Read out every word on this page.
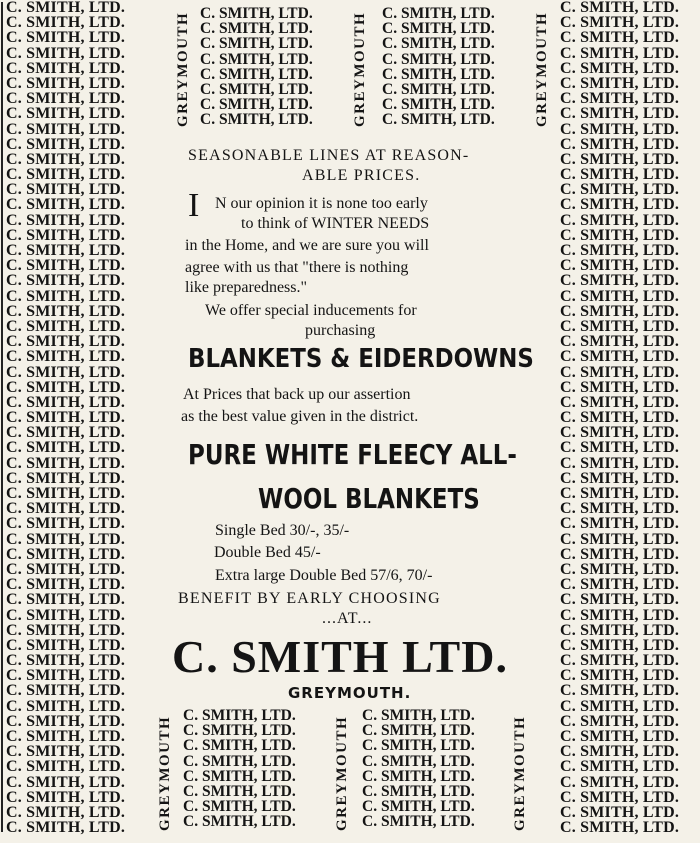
C. SMITH, LTD.
C. SMITH, LTD.
C. SMITH, LTD.
C. SMITH, LTD.
C. SMITH, LTD.
C. SMITH, LTD.
C. SMITH, LTD.
C. SMITH, LTD.
C. SMITH, LTD.
C. SMITH, LTD.
C. SMITH, LTD.
C. SMITH, LTD.
C. SMITH, LTD.
C. SMITH, LTD.
C. SMITH, LTD.
C. SMITH, LTD.
C. SMITH, LTD.
C. SMITH, LTD.
C. SMITH, LTD.
C. SMITH, LTD.
C. SMITH, LTD.
C. SMITH, LTD.
C. SMITH, LTD.
C. SMITH, LTD.
C. SMITH, LTD.
C. SMITH, LTD.
C. SMITH, LTD.
C. SMITH, LTD.
C. SMITH, LTD.
C. SMITH, LTD.
C. SMITH, LTD.
C. SMITH, LTD.
C. SMITH, LTD.
C. SMITH, LTD.
C. SMITH, LTD.
C. SMITH, LTD.
C. SMITH, LTD.
C. SMITH, LTD.
C. SMITH, LTD.
C. SMITH, LTD.
C. SMITH, LTD.
C. SMITH, LTD.
C. SMITH, LTD.
C. SMITH, LTD.
C. SMITH, LTD.
C. SMITH, LTD.
C. SMITH, LTD.
C. SMITH, LTD.
C. SMITH, LTD.
C. SMITH, LTD.
C. SMITH, LTD.
C. SMITH, LTD.
C. SMITH, LTD.
C. SMITH, LTD.
C. SMITH, LTD.
C. SMITH, LTD.
C. SMITH, LTD.
C. SMITH, LTD.
C. SMITH, LTD.
C. SMITH, LTD.
C. SMITH, LTD.
C. SMITH, LTD.
C. SMITH, LTD.
C. SMITH, LTD.
C. SMITH, LTD.
C. SMITH, LTD.
C. SMITH, LTD.
C. SMITH, LTD.
C. SMITH, LTD.
C. SMITH, LTD.
C. SMITH, LTD.
C. SMITH, LTD.
C. SMITH, LTD.
C. SMITH, LTD.
C. SMITH, LTD.
C. SMITH, LTD.
C. SMITH, LTD.
C. SMITH, LTD.
C. SMITH, LTD.
C. SMITH, LTD.
C. SMITH, LTD.
C. SMITH, LTD.
C. SMITH, LTD.
C. SMITH, LTD.
C. SMITH, LTD.
C. SMITH, LTD.
C. SMITH, LTD.
C. SMITH, LTD.
C. SMITH, LTD.
C. SMITH, LTD.
C. SMITH, LTD.
C. SMITH, LTD.
C. SMITH, LTD.
C. SMITH, LTD.
C. SMITH, LTD.
C. SMITH, LTD.
C. SMITH, LTD.
C. SMITH, LTD.
C. SMITH, LTD.
C. SMITH, LTD.
C. SMITH, LTD.
C. SMITH, LTD.
C. SMITH, LTD.
C. SMITH, LTD.
C. SMITH, LTD.
C. SMITH, LTD.
C. SMITH, LTD.
C. SMITH, LTD.
C. SMITH, LTD.
C. SMITH, LTD.
GREYMOUTH C. SMITH, LTD.
C. SMITH, LTD.
C. SMITH, LTD.
C. SMITH, LTD.
C. SMITH, LTD.
C. SMITH, LTD.
C. SMITH, LTD.
C. SMITH, LTD.	GREYMOUTH C. SMITH, LTD.
C. SMITH, LTD.
C. SMITH, LTD.
C. SMITH, LTD.
C. SMITH, LTD.
C. SMITH, LTD.
C. SMITH, LTD.
C. SMITH, LTD.	GREYMOUTH
SEASONABLE LINES AT REASON-
ABLE PRICES.
I N our opinion it is none too early
to think of WINTER NEEDS
in the Home, and we are sure you will
agree with us that "there is nothing
like preparedness."
We offer special inducements for
purchasing
BLANKETS & EIDERDOWNS
At Prices that back up our assertion
as the best value given in the district.
PURE WHITE FLEECY ALL-
WOOL BLANKETS
Single Bed 30/-, 35/-
Double Bed 45/-
Extra large Double Bed 57/6, 70/-
BENEFIT BY EARLY CHOOSING
...AT...
C. SMITH LTD.
GREYMOUTH.
GREYMOUTH C. SMITH, LTD.
C. SMITH, LTD.
C. SMITH, LTD.
C. SMITH, LTD.
C. SMITH, LTD.
C. SMITH, LTD.
C. SMITH, LTD.
C. SMITH, LTD.	GREYMOUTH C. SMITH, LTD.
C. SMITH, LTD.
C. SMITH, LTD.
C. SMITH, LTD.
C. SMITH, LTD.
C. SMITH, LTD.
C. SMITH, LTD.
C. SMITH, LTD. GREYMOUTH
